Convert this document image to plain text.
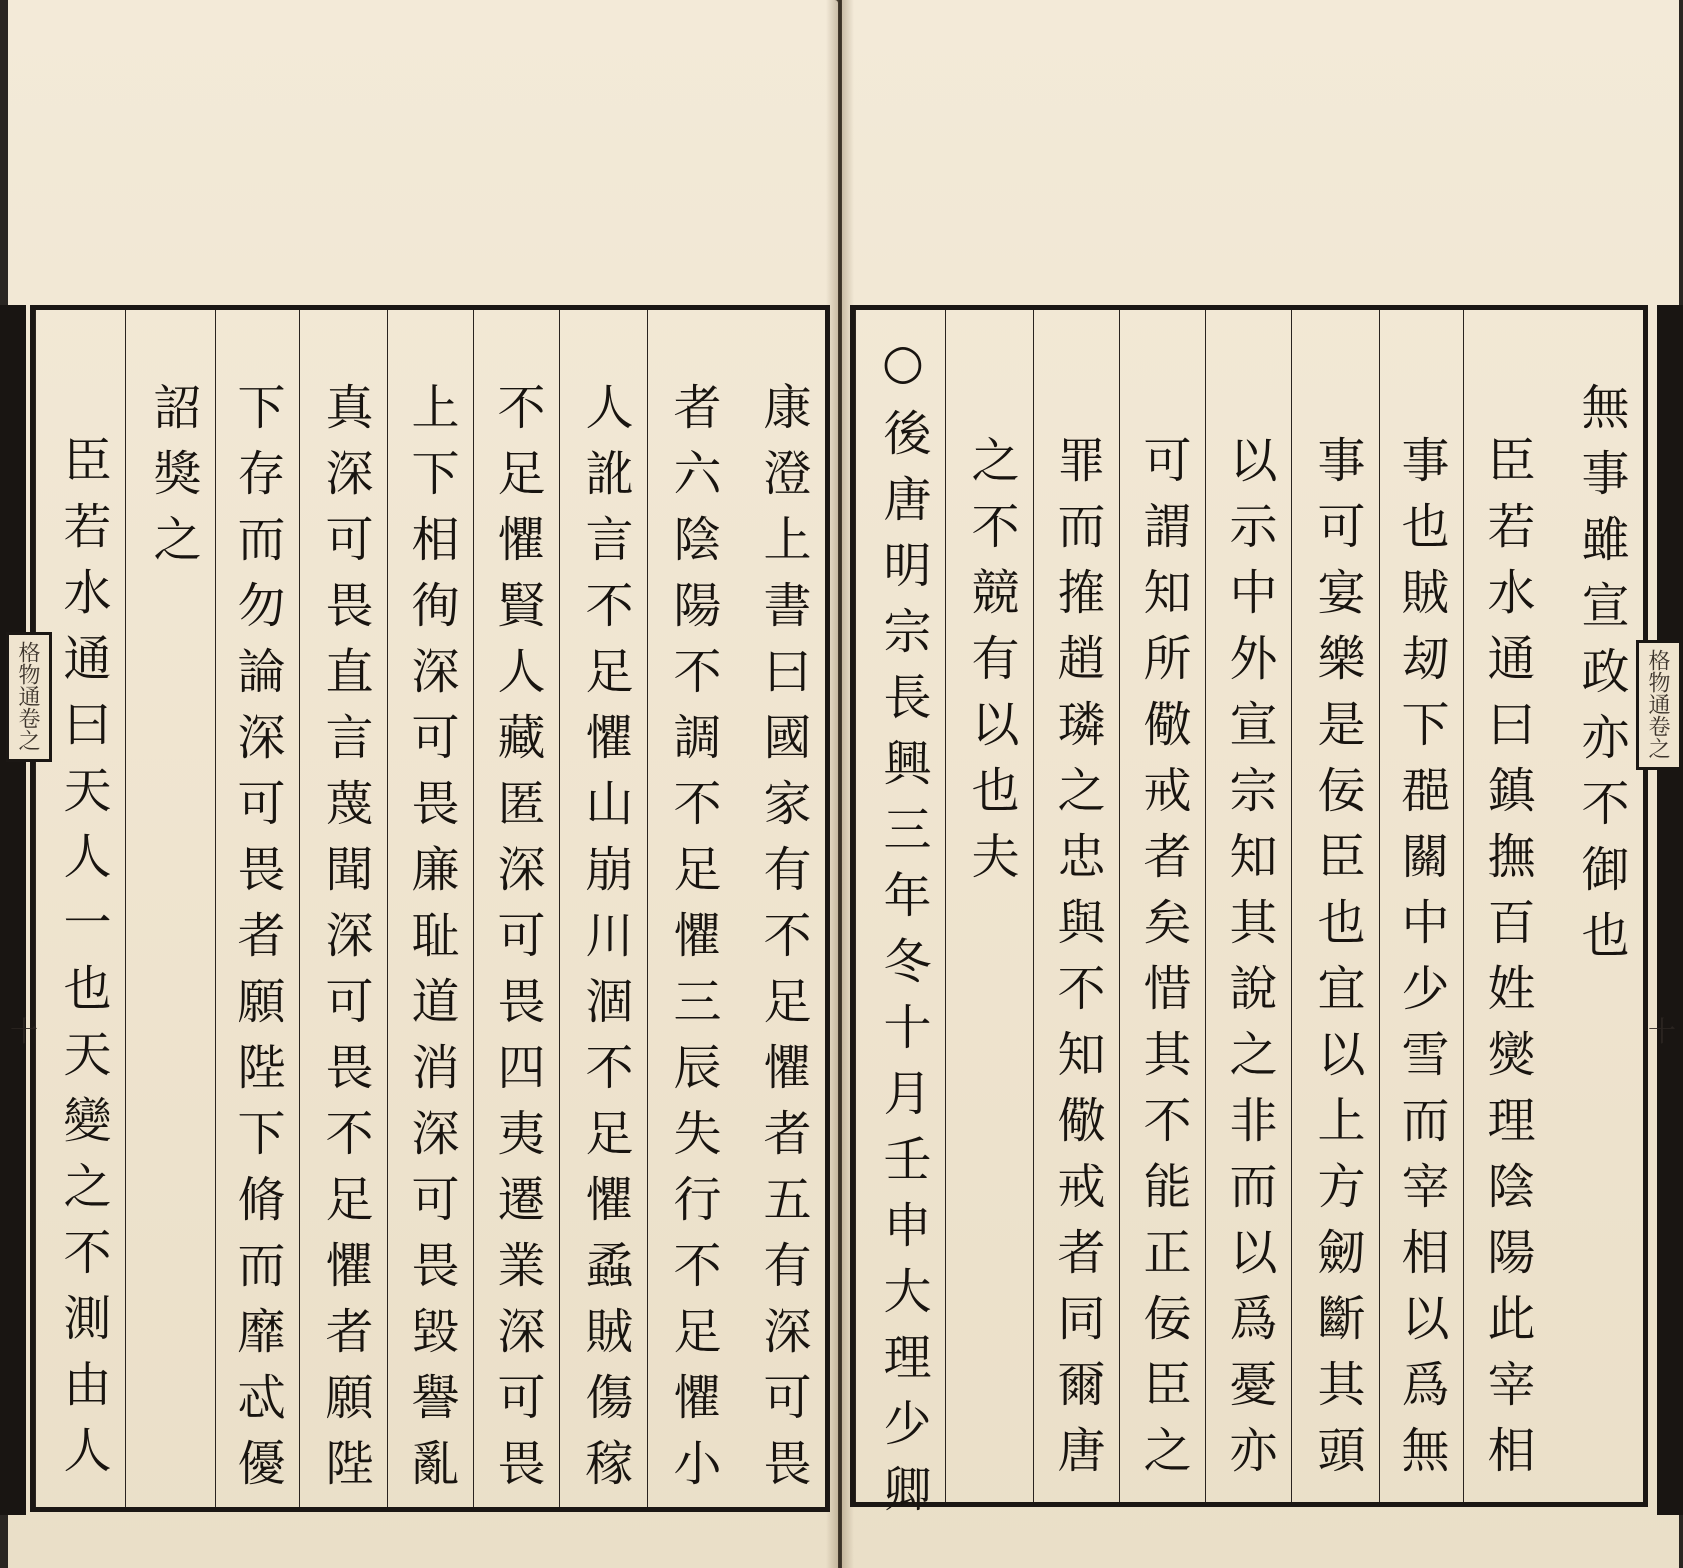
康澄上書曰國家有不足懼者五有深可畏
者六陰陽不調不足懼三辰失行不足懼小
人訛言不足懼山崩川涸不足懼蟊賊傷稼
不足懼賢人藏匿深可畏四夷遷業深可畏
上下相徇深可畏廉耻道消深可畏毀譽亂
真深可畏直言蔑聞深可畏不足懼者願陛
下存而勿論深可畏者願陛下脩而靡忒優
詔獎之
臣若水通曰天人一也天變之不測由人	無事雖宣政亦不御也
臣若水通曰鎮撫百姓爕理陰陽此宰相
事也賊刼下𨛦關中少雪而宰相以爲無
事可宴樂是佞臣也宜以上方劒斷其頭
以示中外宣宗知其說之非而以爲憂亦
可謂知所儆戒者矣惜其不能正佞臣之
罪而搉趙璘之忠與不知儆戒者同爾唐
之不競有以也夫
○後唐明宗長興三年冬十月壬申大理少卿
格物通卷之
格物通卷之
十	十
